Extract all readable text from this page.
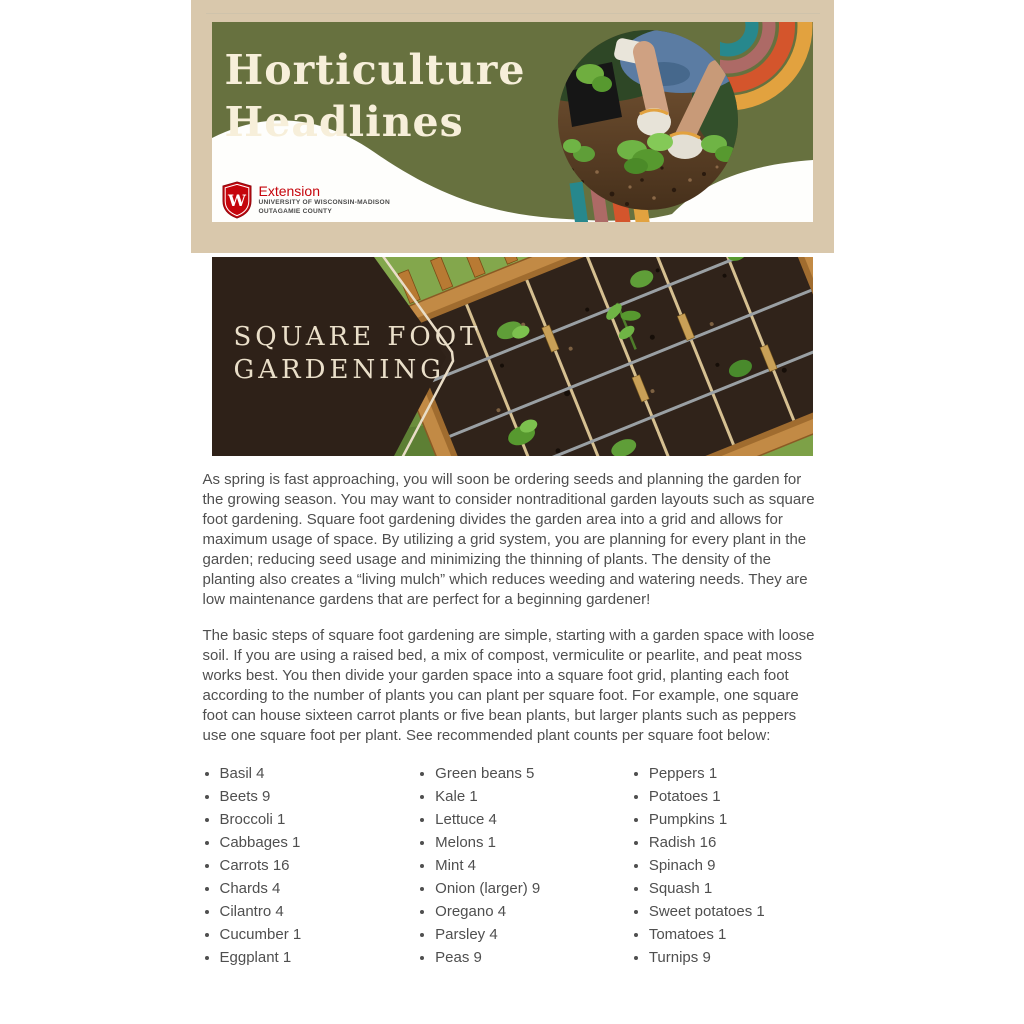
Horticulture
Headlines
W Extension
UNIVERSITY OF WISCONSIN-MADISON
OUTAGAMIE COUNTY
SQUARE FOOT
GARDENING

As spring is fast approaching, you will soon be ordering seeds and planning the garden for the growing season. You may want to consider nontraditional garden layouts such as square foot gardening. Square foot gardening divides the garden area into a grid and allows for maximum usage of space. By utilizing a grid system, you are planning for every plant in the garden; reducing seed usage and minimizing the thinning of plants. The density of the planting also creates a “living mulch” which reduces weeding and watering needs. They are low maintenance gardens that are perfect for a beginning gardener!

The basic steps of square foot gardening are simple, starting with a garden space with loose soil. If you are using a raised bed, a mix of compost, vermiculite or pearlite, and peat moss works best. You then divide your garden space into a square foot grid, planting each foot according to the number of plants you can plant per square foot. For example, one square foot can house sixteen carrot plants or five bean plants, but larger plants such as peppers use one square foot per plant. See recommended plant counts per square foot below:

• Basil 4
• Beets 9
• Broccoli 1
• Cabbages 1
• Carrots 16
• Chards 4
• Cilantro 4
• Cucumber 1
• Eggplant 1
• Green beans 5
• Kale 1
• Lettuce 4
• Melons 1
• Mint 4
• Onion (larger) 9
• Oregano 4
• Parsley 4
• Peas 9
• Peppers 1
• Potatoes 1
• Pumpkins 1
• Radish 16
• Spinach 9
• Squash 1
• Sweet potatoes 1
• Tomatoes 1
• Turnips 9
